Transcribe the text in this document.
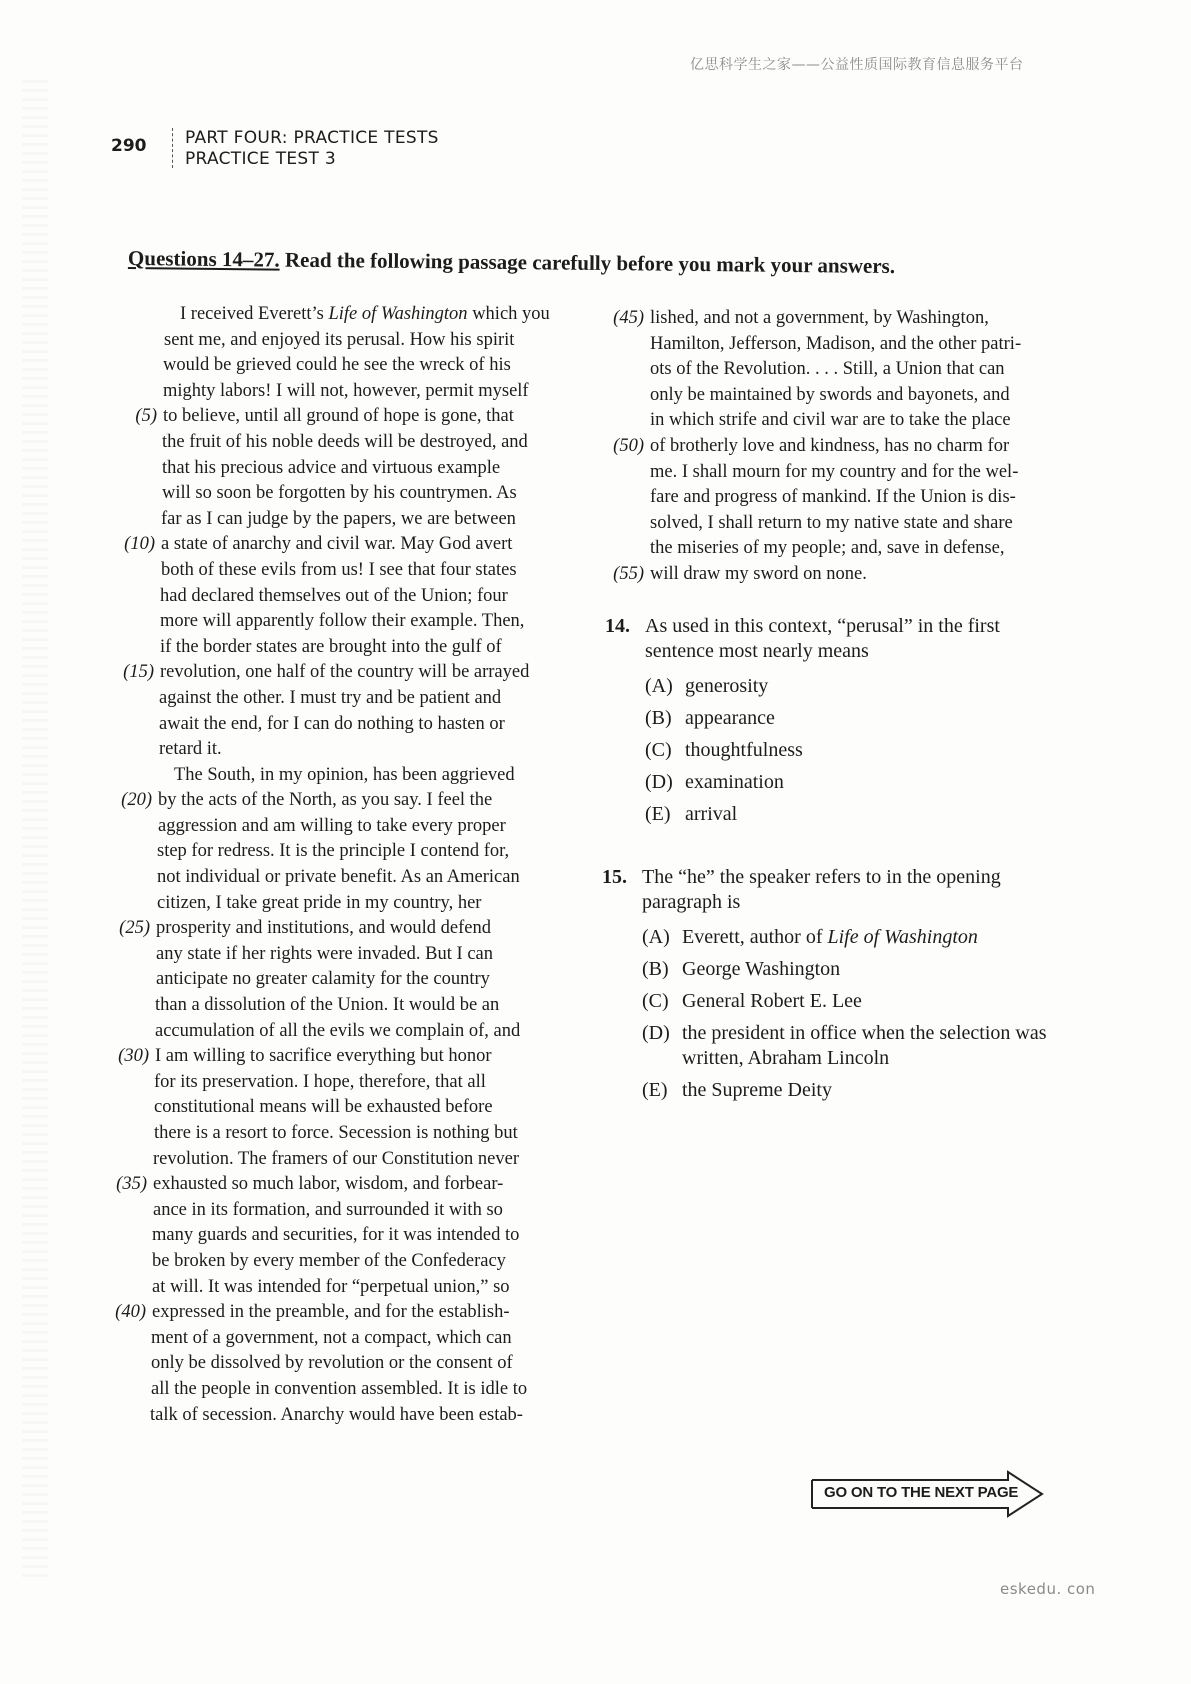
亿思科学生之家——公益性质国际教育信息服务平台
290 PART FOUR: PRACTICE TESTS
PRACTICE TEST 3
Questions 14–27. Read the following passage carefully before you mark your answers.
I received Everett’s Life of Washington which you
sent me, and enjoyed its perusal. How his spirit
would be grieved could he see the wreck of his
mighty labors! I will not, however, permit myself
(5) to believe, until all ground of hope is gone, that
the fruit of his noble deeds will be destroyed, and
that his precious advice and virtuous example
will so soon be forgotten by his countrymen. As
far as I can judge by the papers, we are between
(10) a state of anarchy and civil war. May God avert
both of these evils from us! I see that four states
had declared themselves out of the Union; four
more will apparently follow their example. Then,
if the border states are brought into the gulf of
(15) revolution, one half of the country will be arrayed
against the other. I must try and be patient and
await the end, for I can do nothing to hasten or
retard it.
The South, in my opinion, has been aggrieved
(20) by the acts of the North, as you say. I feel the
aggression and am willing to take every proper
step for redress. It is the principle I contend for,
not individual or private benefit. As an American
citizen, I take great pride in my country, her
(25) prosperity and institutions, and would defend
any state if her rights were invaded. But I can
anticipate no greater calamity for the country
than a dissolution of the Union. It would be an
accumulation of all the evils we complain of, and
(30) I am willing to sacrifice everything but honor
for its preservation. I hope, therefore, that all
constitutional means will be exhausted before
there is a resort to force. Secession is nothing but
revolution. The framers of our Constitution never
(35) exhausted so much labor, wisdom, and forbear-
ance in its formation, and surrounded it with so
many guards and securities, for it was intended to
be broken by every member of the Confederacy
at will. It was intended for “perpetual union,” so
(40) expressed in the preamble, and for the establish-
ment of a government, not a compact, which can
only be dissolved by revolution or the consent of
all the people in convention assembled. It is idle to
talk of secession. Anarchy would have been estab-
(45) lished, and not a government, by Washington,
Hamilton, Jefferson, Madison, and the other patri-
ots of the Revolution. . . . Still, a Union that can
only be maintained by swords and bayonets, and
in which strife and civil war are to take the place
(50) of brotherly love and kindness, has no charm for
me. I shall mourn for my country and for the wel-
fare and progress of mankind. If the Union is dis-
solved, I shall return to my native state and share
the miseries of my people; and, save in defense,
(55) will draw my sword on none.
14. As used in this context, “perusal” in the first
sentence most nearly means
(A) generosity
(B) appearance
(C) thoughtfulness
(D) examination
(E) arrival
15. The “he” the speaker refers to in the opening
paragraph is
(A) Everett, author of Life of Washington
(B) George Washington
(C) General Robert E. Lee
(D) the president in office when the selection was written, Abraham Lincoln
(E) the Supreme Deity
GO ON TO THE NEXT PAGE
eskedu. con
